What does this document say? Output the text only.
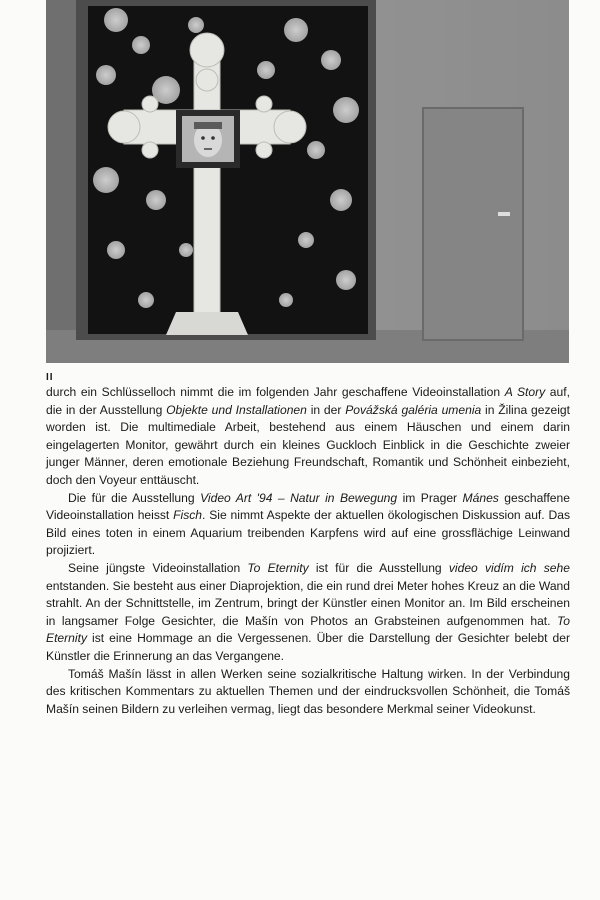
II

durch ein Schlüsselloch nimmt die im folgenden Jahr geschaffene Videoinstallation A Story auf, die in der Ausstellung Objekte und Installationen in der Povážská galéria umenia in Žilina gezeigt worden ist. Die multimediale Arbeit, bestehend aus einem Häuschen und einem darin eingelagerten Monitor, gewährt durch ein kleines Guckloch Einblick in die Geschichte zweier junger Männer, deren emotionale Beziehung Freundschaft, Romantik und Schönheit einbezieht, doch den Voyeur enttäuscht.

Die für die Ausstellung Video Art '94 – Natur in Bewegung im Prager Mánes geschaffene Videoinstallation heisst Fisch. Sie nimmt Aspekte der aktuellen ökologischen Diskussion auf. Das Bild eines toten in einem Aquarium treibenden Karpfens wird auf eine grossflächige Leinwand projiziert.

Seine jüngste Videoinstallation To Eternity ist für die Ausstellung video vidím ich sehe entstanden. Sie besteht aus einer Diaprojektion, die ein rund drei Meter hohes Kreuz an die Wand strahlt. An der Schnittstelle, im Zentrum, bringt der Künstler einen Monitor an. Im Bild erscheinen in langsamer Folge Gesichter, die Mašín von Photos an Grabsteinen aufgenommen hat. To Eternity ist eine Hommage an die Vergessenen. Über die Darstellung der Gesichter belebt der Künstler die Erinnerung an das Vergangene.

Tomáš Mašín lässt in allen Werken seine sozialkritische Haltung wirken. In der Verbindung des kritischen Kommentars zu aktuellen Themen und der eindrucksvollen Schönheit, die Tomáš Mašín seinen Bildern zu verleihen vermag, liegt das besondere Merkmal seiner Videokunst.
